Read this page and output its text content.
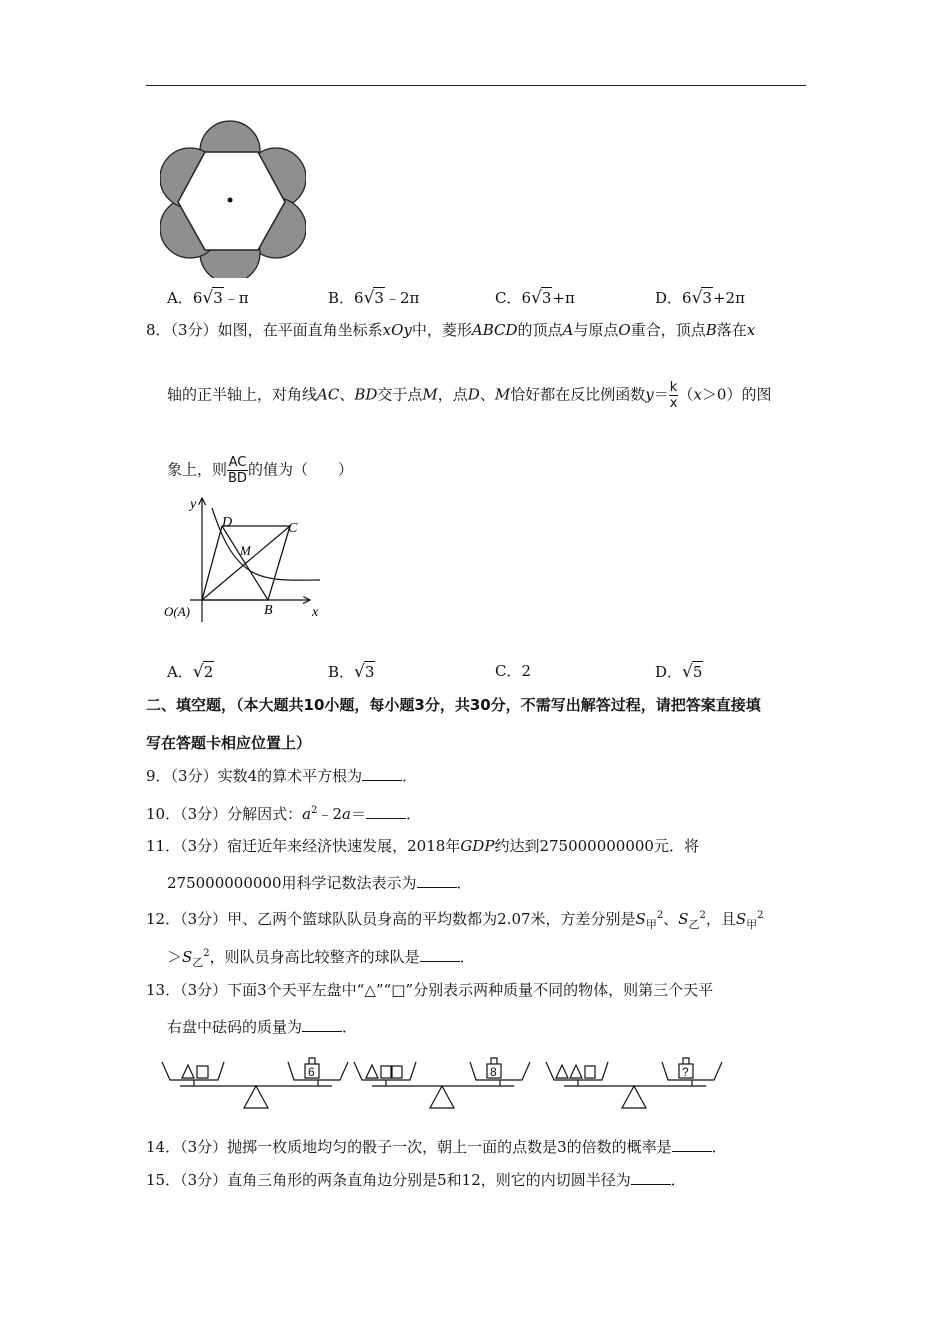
A．6√3﹣π	B．6√3﹣2π	C．6√3+π	D．6√3+2π
8．（3分）如图，在平面直角坐标系xOy中，菱形ABCD的顶点A与原点O重合，顶点B落在x
轴的正半轴上，对角线AC、BD交于点M，点D、M恰好都在反比例函数$y= \frac{k}{x} (x>0)$的图
象上，则 $\frac{AC}{BD}$ 的值为（　　）
y
D	C
M
B
O(A)	x
A．√2	B．√3	C．2	D．√5
二、填空题，（本大题共10小题，每小题3分，共30分，不需写出解答过程，请把答案直接填
写在答题卡相应位置上）
9．（3分）实数4的算术平方根为	．
10．（3分）分解因式：$a^2﹣2a=$	．
11．（3分）宿迁近年来经济快速发展，2018年GDP约达到275000000000元．将
275000000000用科学记数法表示为	．
12．（3分）甲、乙两个篮球队队员身高的平均数都为2.07米，方差分别是$S_甲^2$、$S_乙^2$，且$S_甲^2$
$>S_乙^2$，则队员身高比较整齐的球队是	．
13．（3分）下面3个天平左盘中“△”“□”分别表示两种质量不同的物体，则第三个天平
右盘中砝码的质量为	．
6	8	?
14．（3分）抛掷一枚质地均匀的骰子一次，朝上一面的点数是3的倍数的概率是	．
15．（3分）直角三角形的两条直角边分别是5和12，则它的内切圆半径为	．
